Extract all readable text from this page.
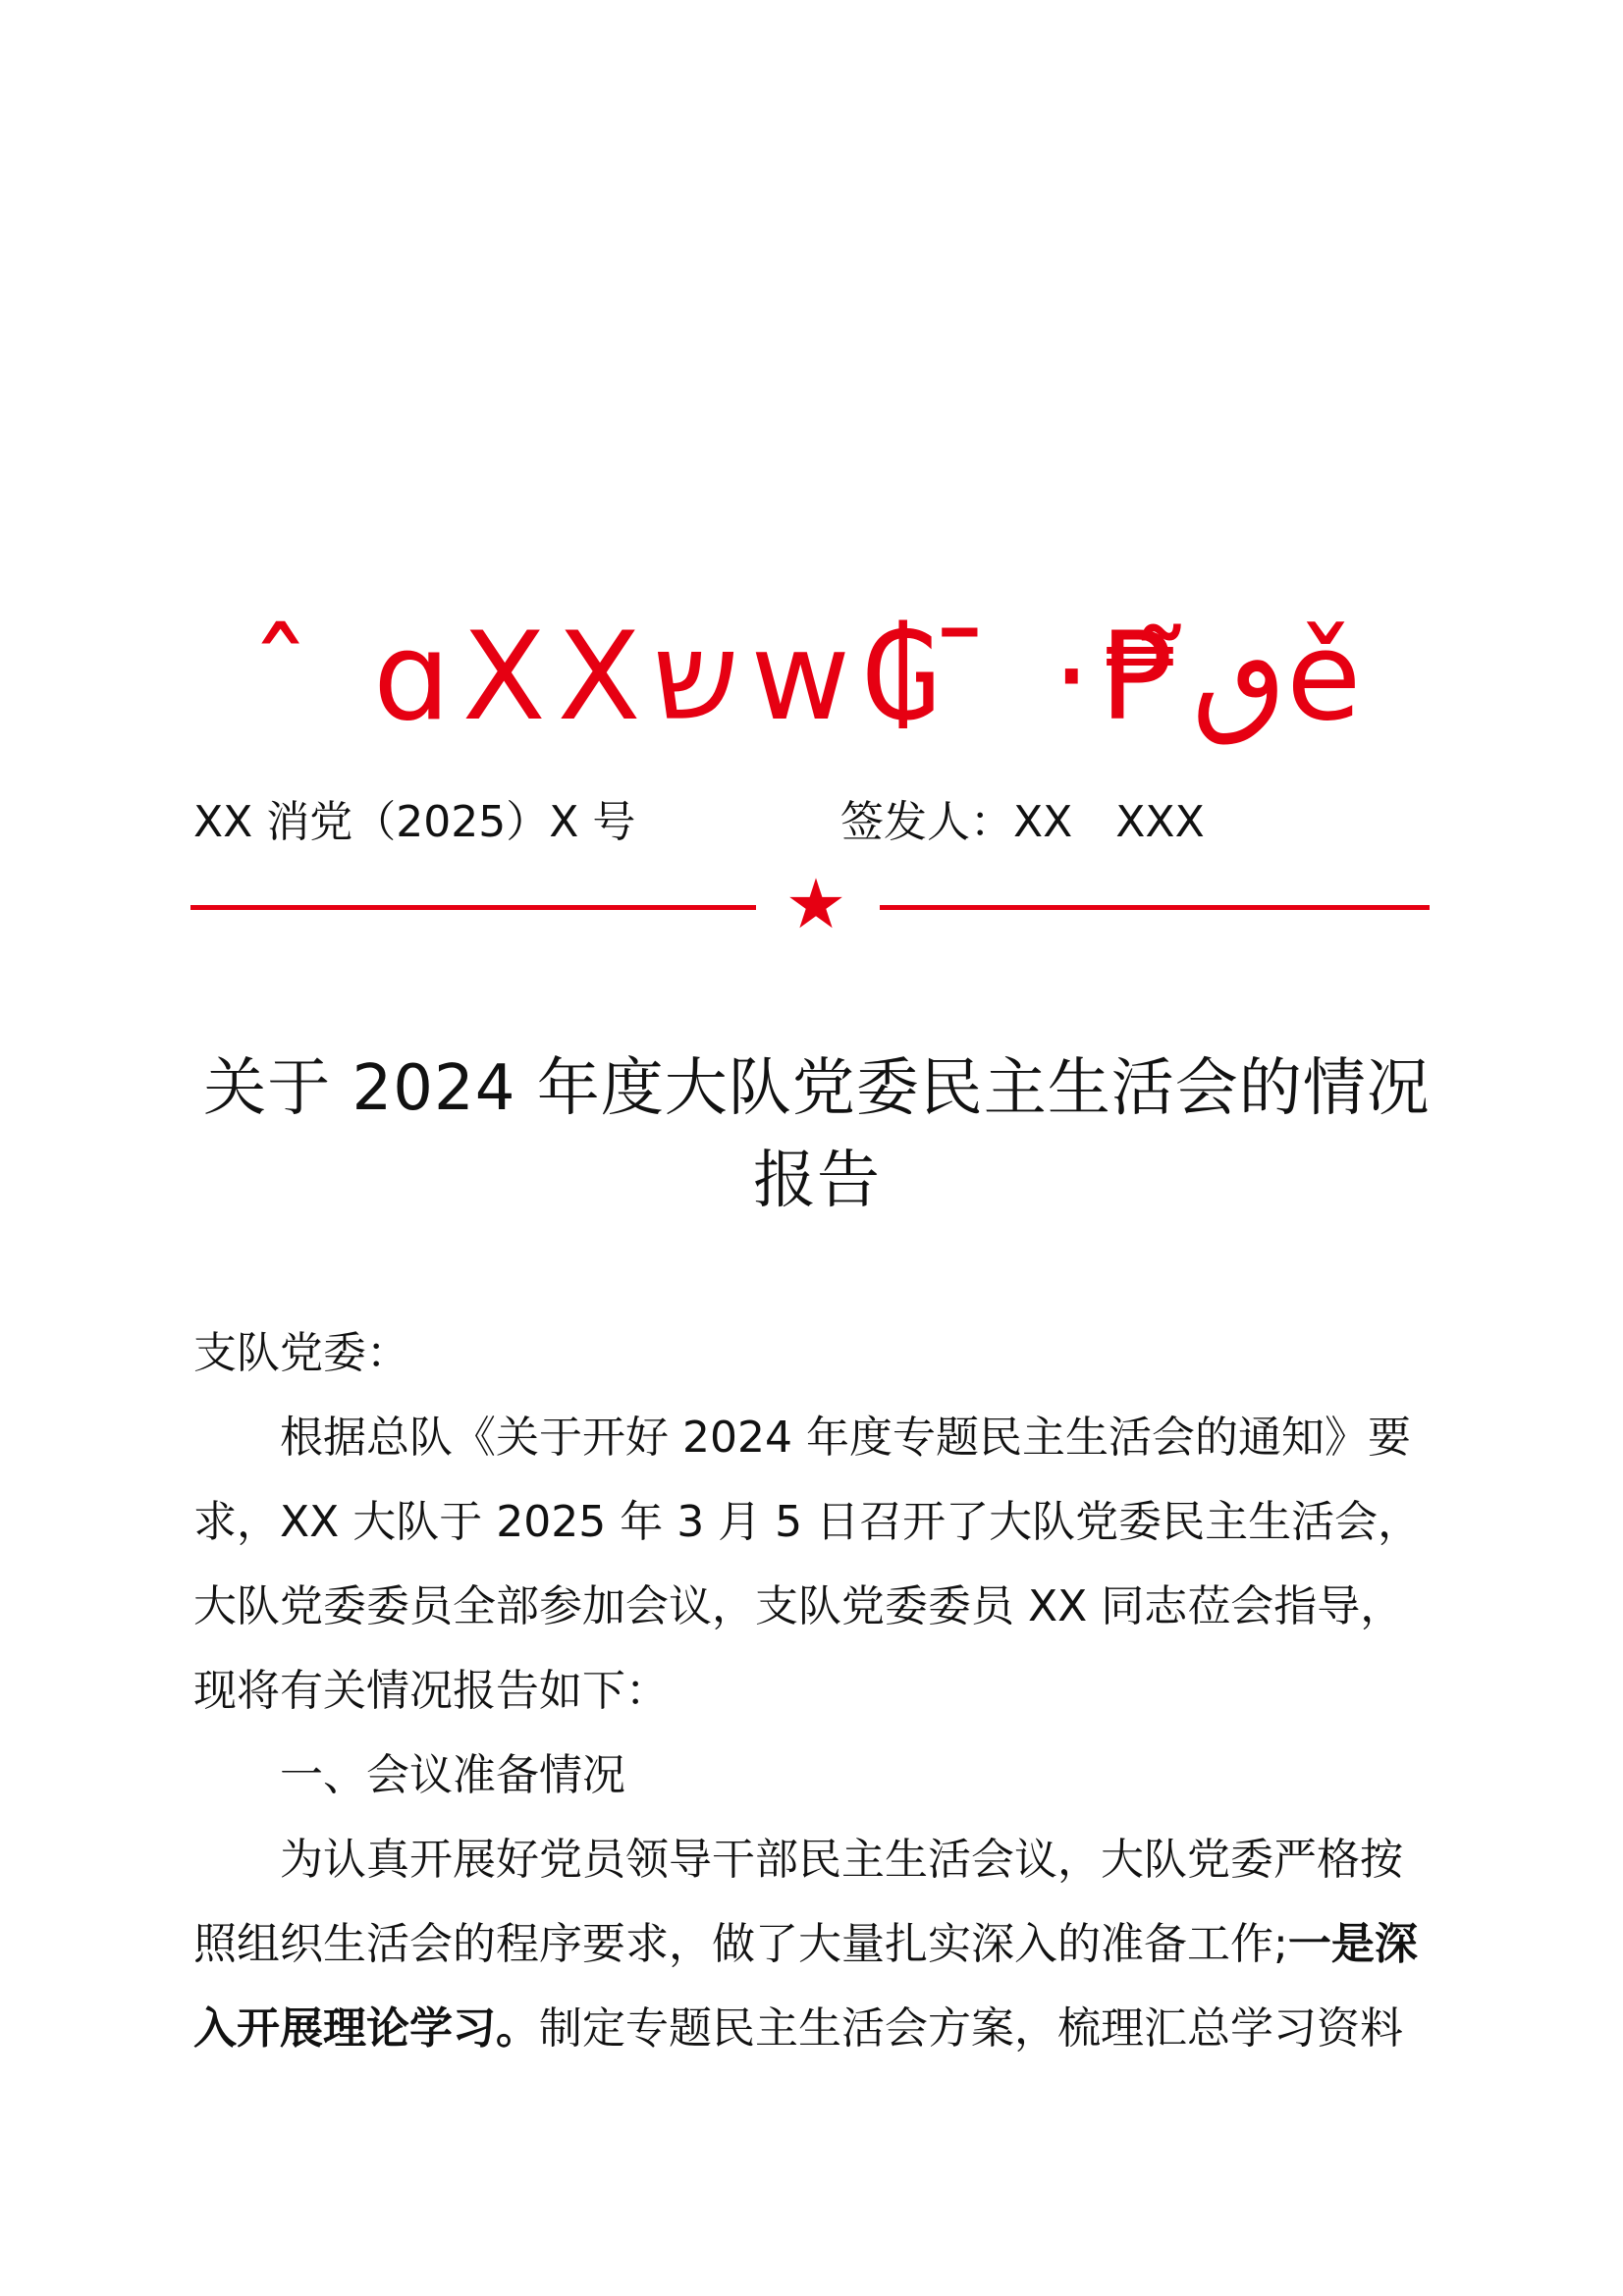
ˆ ɑXXשw₲ ̄ ·₱ٯ̃ě
XX 消党（2025）X 号	签发人：XX　XXX
★
关于 2024 年度大队党委民主生活会的情况报告

支队党委：

根据总队《关于开好 2024 年度专题民主生活会的通知》要求，XX 大队于 2025 年 3 月 5 日召开了大队党委民主生活会，大队党委委员全部参加会议，支队党委委员 XX 同志莅会指导，现将有关情况报告如下：

一、会议准备情况

为认真开展好党员领导干部民主生活会议，大队党委严格按照组织生活会的程序要求，做了大量扎实深入的准备工作;一是深入开展理论学习。制定专题民主生活会方案，梳理汇总学习资料
